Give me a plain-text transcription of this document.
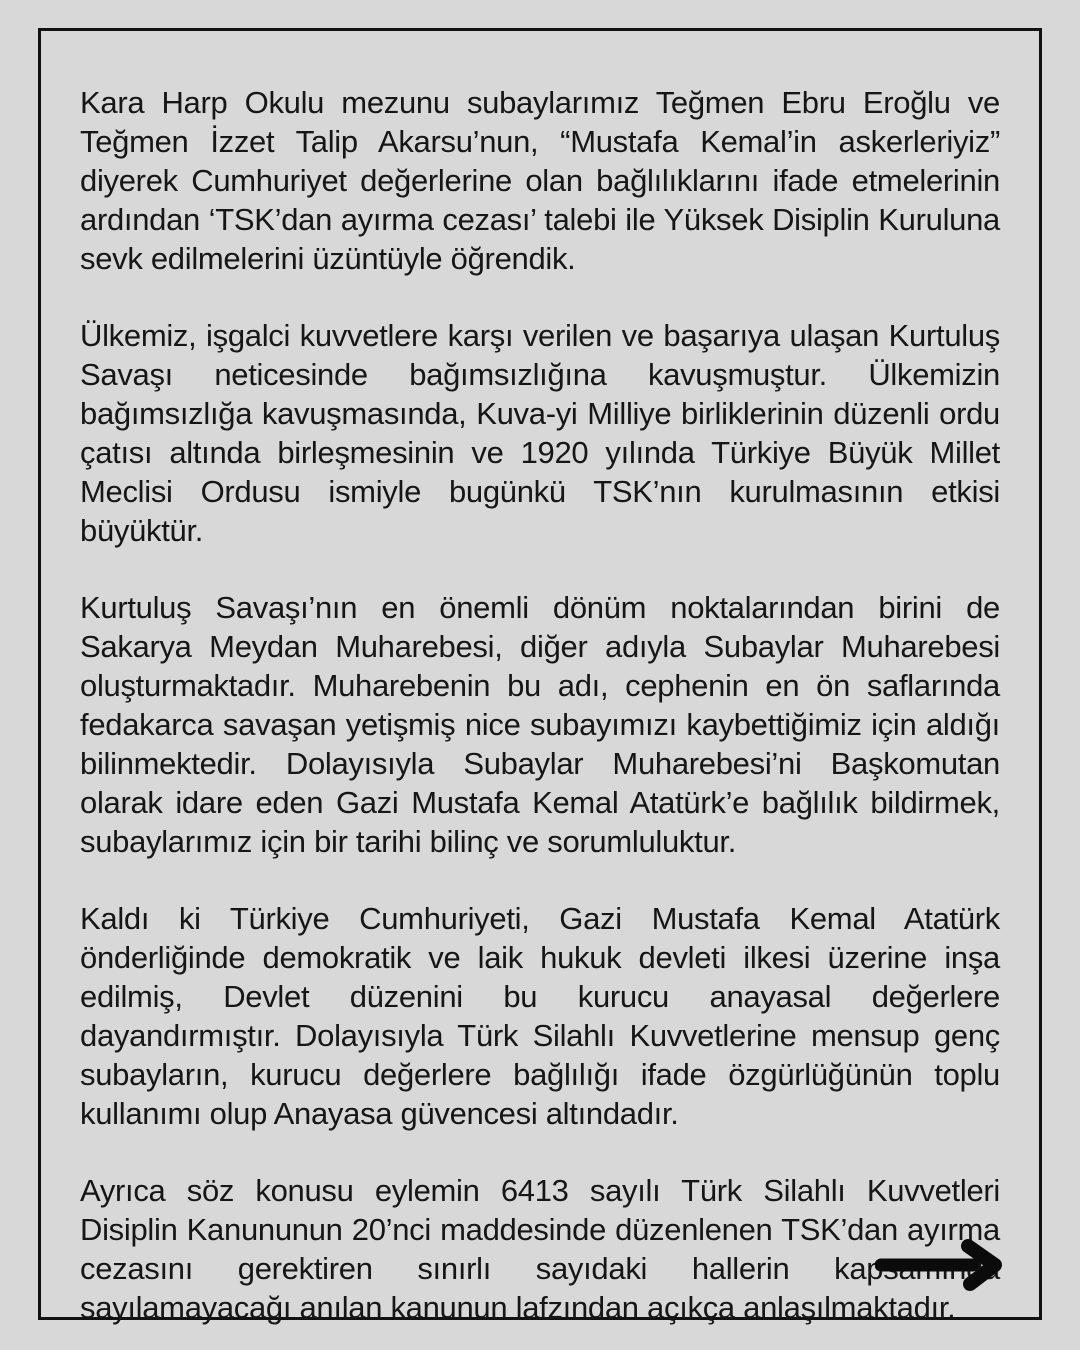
Kara Harp Okulu mezunu subaylarımız Teğmen Ebru Eroğlu ve Teğmen İzzet Talip Akarsu’nun, “Mustafa Kemal’in askerleriyiz” diyerek Cumhuriyet değerlerine olan bağlılıklarını ifade etmelerinin ardından ‘TSK’dan ayırma cezası’ talebi ile Yüksek Disiplin Kuruluna sevk edilmelerini üzüntüyle öğrendik.

Ülkemiz, işgalci kuvvetlere karşı verilen ve başarıya ulaşan Kurtuluş Savaşı neticesinde bağımsızlığına kavuşmuştur. Ülkemizin bağımsızlığa kavuşmasında, Kuva-yi Milliye birliklerinin düzenli ordu çatısı altında birleşmesinin ve 1920 yılında Türkiye Büyük Millet Meclisi Ordusu ismiyle bugünkü TSK’nın kurulmasının etkisi büyüktür.

Kurtuluş Savaşı’nın en önemli dönüm noktalarından birini de Sakarya Meydan Muharebesi, diğer adıyla Subaylar Muharebesi oluşturmaktadır. Muharebenin bu adı, cephenin en ön saflarında fedakarca savaşan yetişmiş nice subayımızı kaybettiğimiz için aldığı bilinmektedir. Dolayısıyla Subaylar Muharebesi’ni Başkomutan olarak idare eden Gazi Mustafa Kemal Atatürk’e bağlılık bildirmek, subaylarımız için bir tarihi bilinç ve sorumluluktur.

Kaldı ki Türkiye Cumhuriyeti, Gazi Mustafa Kemal Atatürk önderliğinde demokratik ve laik hukuk devleti ilkesi üzerine inşa edilmiş, Devlet düzenini bu kurucu anayasal değerlere dayandırmıştır. Dolayısıyla Türk Silahlı Kuvvetlerine mensup genç subayların, kurucu değerlere bağlılığı ifade özgürlüğünün toplu kullanımı olup Anayasa güvencesi altındadır.

Ayrıca söz konusu eylemin 6413 sayılı Türk Silahlı Kuvvetleri Disiplin Kanununun 20’nci maddesinde düzenlenen TSK’dan ayırma cezasını gerektiren sınırlı sayıdaki hallerin kapsamında sayılamayacağı anılan kanunun lafzından açıkça anlaşılmaktadır.
